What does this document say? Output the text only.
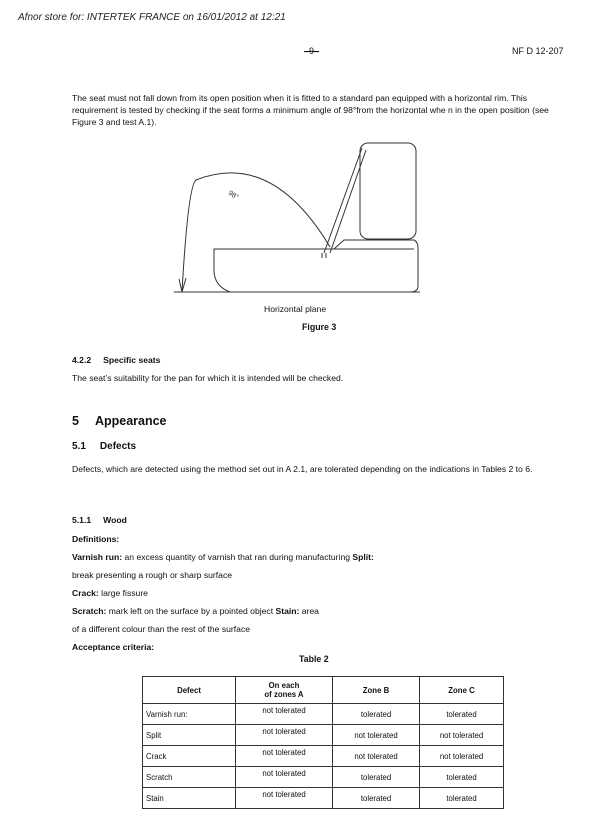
Afnor store for: INTERTEK FRANCE on 16/01/2012 at 12:21
–9–	NF D 12-207
The seat must not fall down from its open position when it is fitted to a standard pan equipped with a horizontal rim. This requirement is tested by checking if the seat forms a minimum angle of 98°from the horizontal whe n in the open position (see Figure 3 and test A.1).
98°
Horizontal plane
Figure 3
4.2.2 Specific seats
The seat’s suitability for the pan for which it is intended will be checked.
5 Appearance
5.1 Defects
Defects, which are detected using the method set out in A 2.1, are tolerated depending on the indications in Tables 2 to 6.
5.1.1 Wood
Definitions:
Varnish run: an excess quantity of varnish that ran during manufacturing Split:
break presenting a rough or sharp surface
Crack: large fissure
Scratch: mark left on the surface by a pointed object Stain: area
of a different colour than the rest of the surface
Acceptance criteria:
Table 2
Defect	On each
of zones A	Zone B	Zone C
Varnish run:	not tolerated	tolerated	tolerated
Split	not tolerated	not tolerated	not tolerated
Crack	not tolerated	not tolerated	not tolerated
Scratch	not tolerated	tolerated	tolerated
Stain	not tolerated	tolerated	tolerated
